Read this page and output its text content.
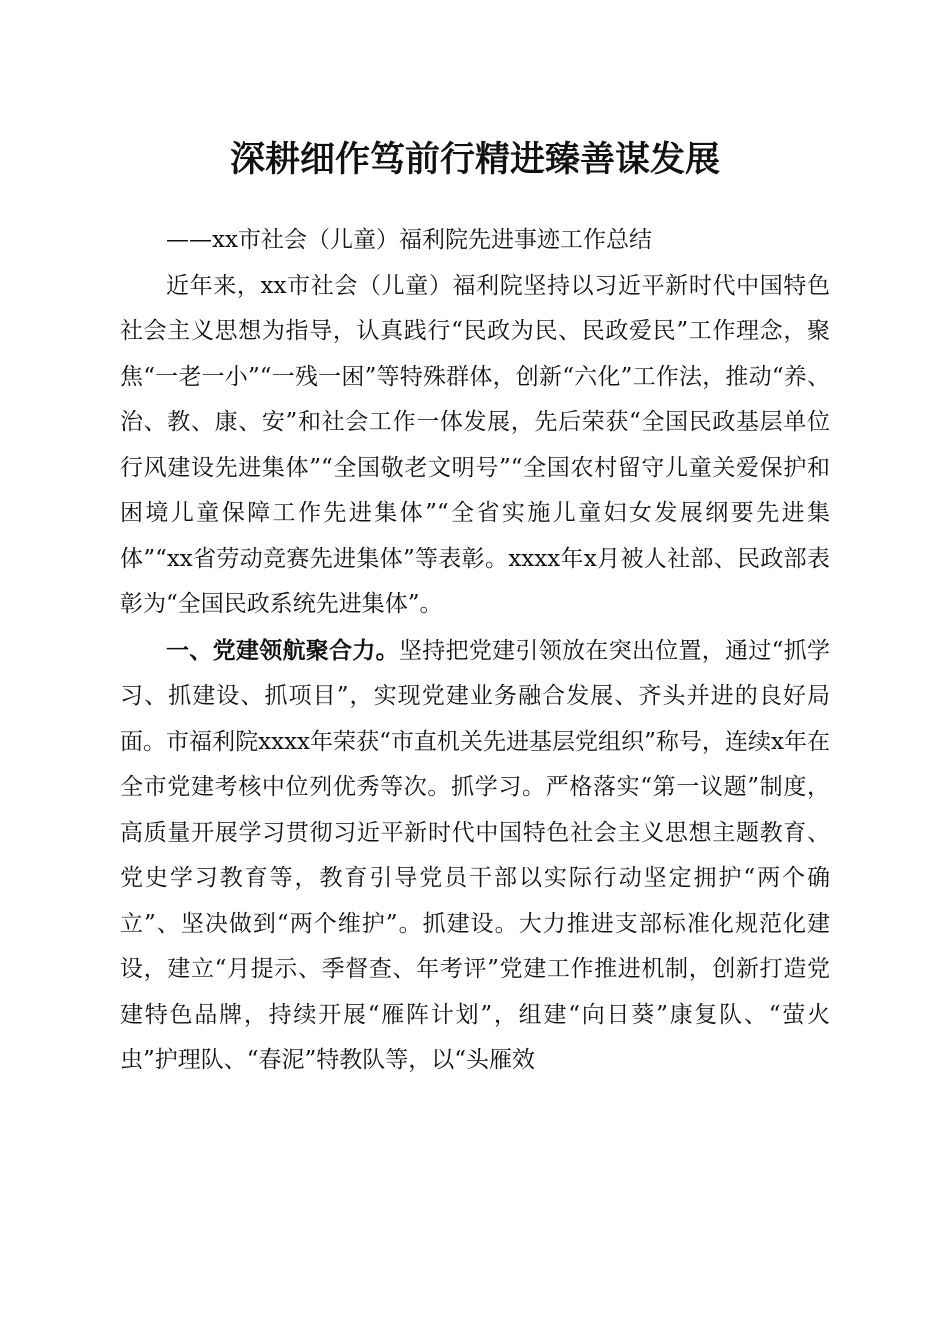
深耕细作笃前行精进臻善谋发展

——xx市社会（儿童）福利院先进事迹工作总结

近年来，xx市社会（儿童）福利院坚持以习近平新时代中国特色社会主义思想为指导，认真践行“民政为民、民政爱民”工作理念，聚焦“一老一小”“一残一困”等特殊群体，创新“六化”工作法，推动“养、治、教、康、安”和社会工作一体发展，先后荣获“全国民政基层单位行风建设先进集体”“全国敬老文明号”“全国农村留守儿童关爱保护和困境儿童保障工作先进集体”“全省实施儿童妇女发展纲要先进集体”“xx省劳动竞赛先进集体”等表彰。xxxx年x月被人社部、民政部表彰为“全国民政系统先进集体”。

一、党建领航聚合力。坚持把党建引领放在突出位置，通过“抓学习、抓建设、抓项目”，实现党建业务融合发展、齐头并进的良好局面。市福利院xxxx年荣获“市直机关先进基层党组织”称号，连续x年在全市党建考核中位列优秀等次。抓学习。严格落实“第一议题”制度，高质量开展学习贯彻习近平新时代中国特色社会主义思想主题教育、党史学习教育等，教育引导党员干部以实际行动坚定拥护“两个确立”、坚决做到“两个维护”。抓建设。大力推进支部标准化规范化建设，建立“月提示、季督查、年考评”党建工作推进机制，创新打造党建特色品牌，持续开展“雁阵计划”，组建“向日葵”康复队、“萤火虫”护理队、“春泥”特教队等，以“头雁效
